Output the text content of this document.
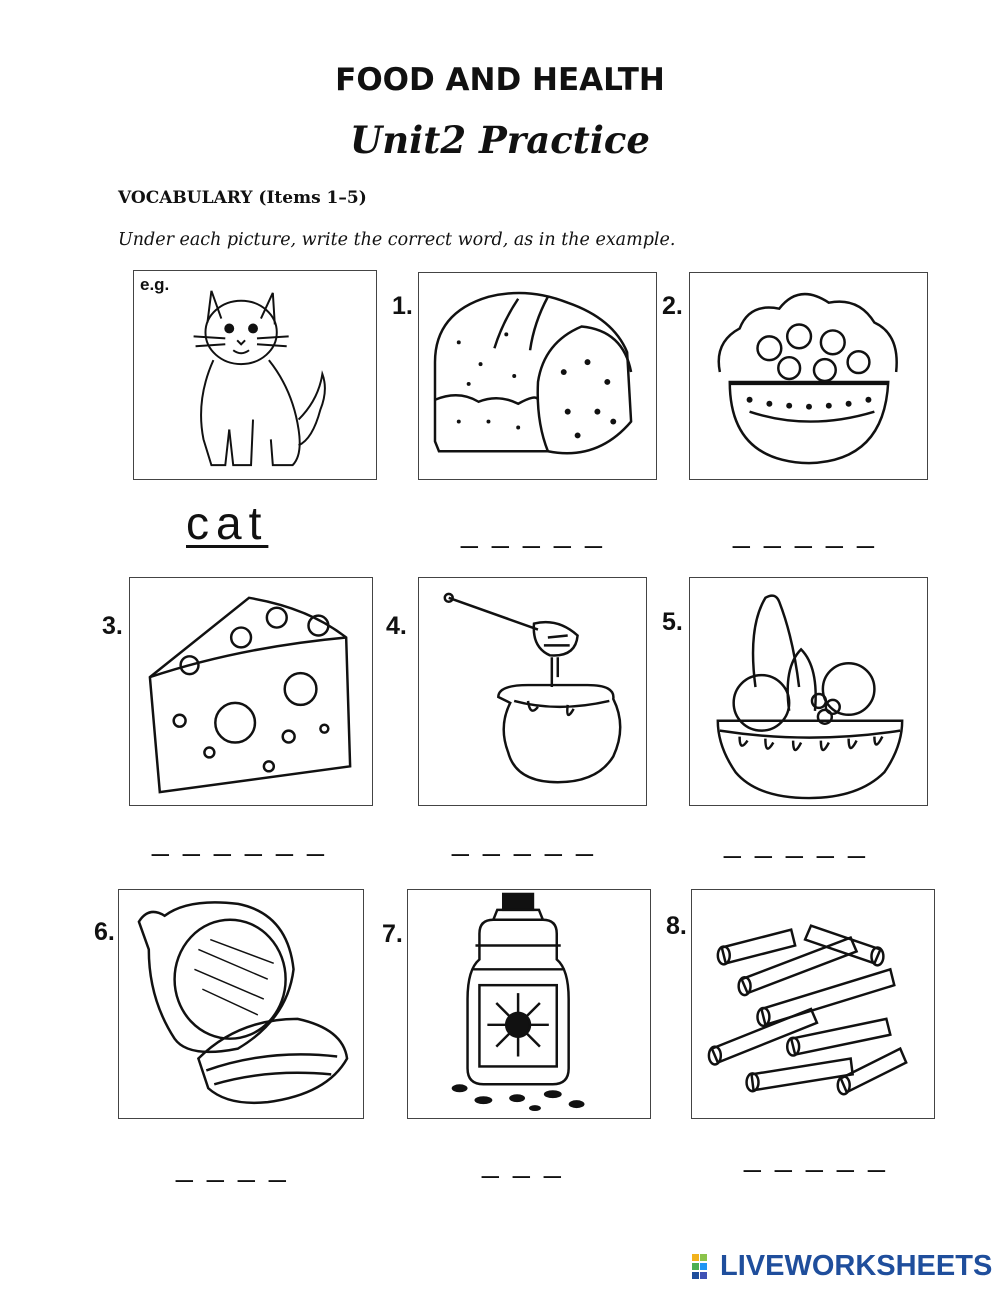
FOOD AND HEALTH
Unit2 Practice
VOCABULARY (Items 1–5)
Under each picture, write the correct word, as in the example.
e.g.
cat
1.
_ _ _ _ _
2.
_ _ _ _ _
3.
_ _ _ _ _ _
4.
_ _ _ _ _
5.
_ _ _ _ _
6.
_ _ _ _
7.
_ _ _
8.
_ _ _ _ _
LIVEWORKSHEETS
